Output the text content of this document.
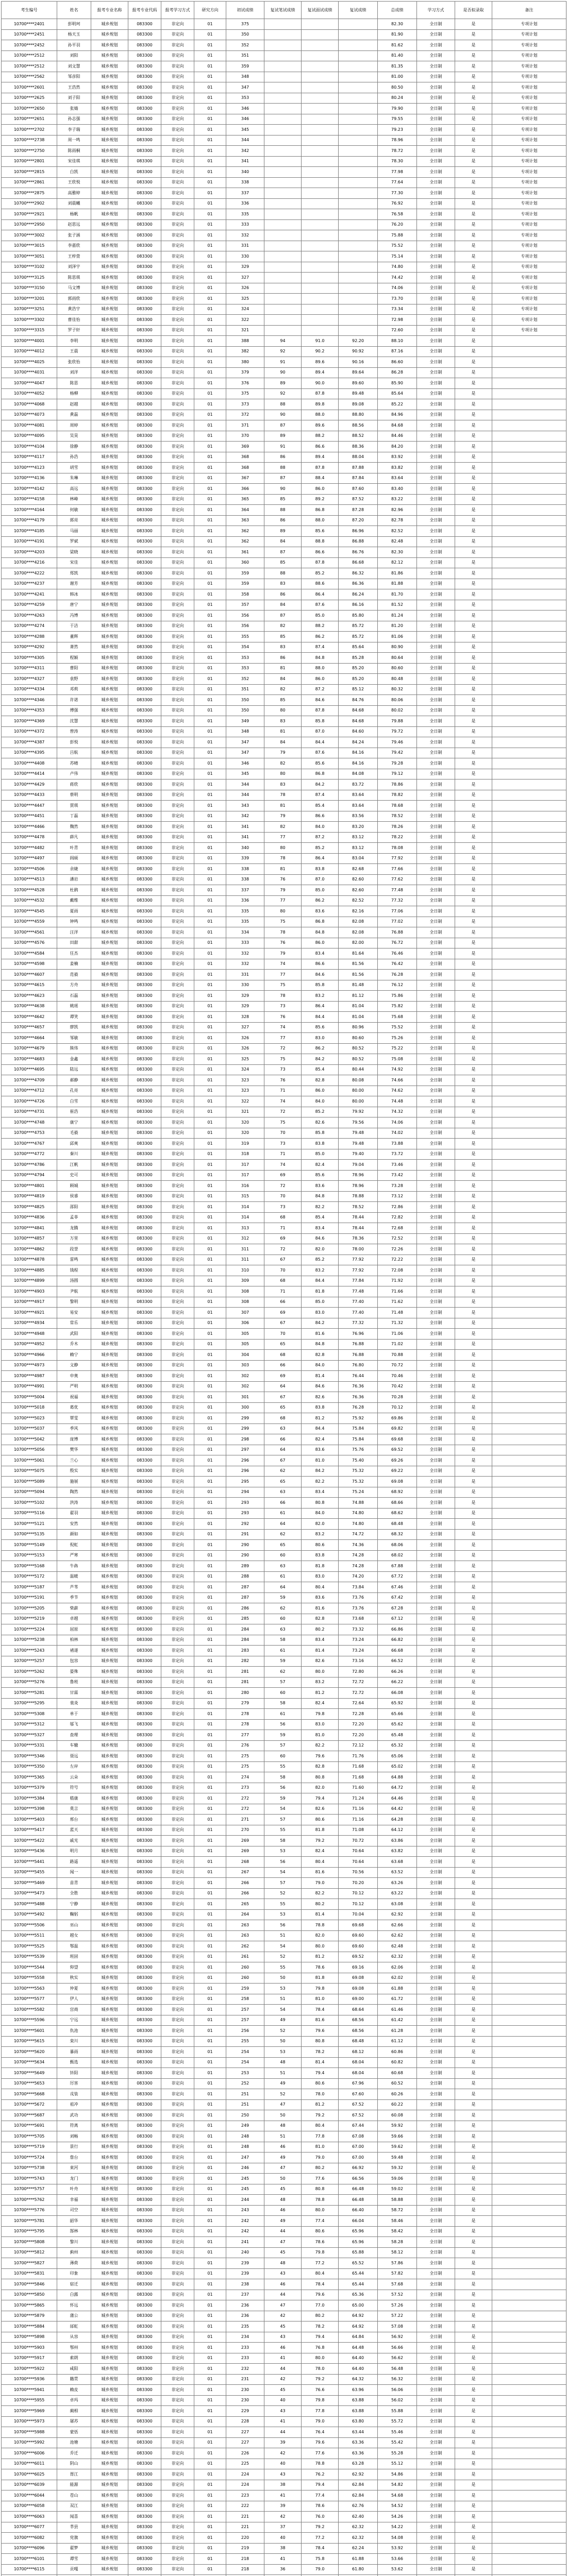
考生编号	姓名	报考专业名称	报考专业代码	报考学习方式	研究方向	初试成绩	复试笔试成绩	复试面试成绩	复试成绩	总成绩	学习方式	是否拟录取	备注
10700****2401	彭明珂	城乡规划	083300	非定向	01	375				82.30	全日制	是	专项计划
10700****2451	杨天玉	城乡规划	083300	非定向	01	350				81.90	全日制	是	专项计划
10700****2452	孙平羽	城乡规划	083300	非定向	01	352				81.62	全日制	是	专项计划
10700****2512	刘阳	城乡规划	083300	非定向	01	351				81.40	全日制	是	专项计划
10700****2512	刘文慧	城乡规划	083300	非定向	01	359				81.35	全日制	是	专项计划
10700****2562	邹彦阳	城乡规划	083300	非定向	01	348				81.00	全日制	是	专项计划
10700****2601	王浩然	城乡规划	083300	非定向	01	347				80.50	全日制	是	专项计划
10700****2625	刘子阳	城乡规划	083300	非定向	01	353				80.24	全日制	是	专项计划
10700****2650	张婧	城乡规划	083300	非定向	01	346				79.90	全日制	是	专项计划
10700****2651	孙志强	城乡规划	083300	非定向	01	346				79.55	全日制	是	专项计划
10700****2702	李子瑞	城乡规划	083300	非定向	01	345				79.23	全日制	是	专项计划
10700****2738	周一鸣	城乡规划	083300	非定向	01	344				78.96	全日制	是	专项计划
10700****2750	陈雨桐	城乡规划	083300	非定向	01	342				78.72	全日制	是	专项计划
10700****2801	宋佳琪	城乡规划	083300	非定向	01	341				78.30	全日制	是	专项计划
10700****2815	白凯	城乡规划	083300	非定向	01	340				77.98	全日制	是	专项计划
10700****2861	王欣悦	城乡规划	083300	非定向	01	338				77.64	全日制	是	专项计划
10700****2875	高雅婷	城乡规划	083300	非定向	01	337				77.30	全日制	是	专项计划
10700****2902	刘晨曦	城乡规划	083300	非定向	01	336				76.92	全日制	是	专项计划
10700****2921	杨帆	城乡规划	083300	非定向	01	335				76.58	全日制	是	专项计划
10700****2950	赵思远	城乡规划	083300	非定向	01	333				76.20	全日制	是	专项计划
10700****3002	张子涵	城乡规划	083300	非定向	01	332				75.88	全日制	是	专项计划
10700****3015	李嘉欣	城乡规划	083300	非定向	01	331				75.52	全日制	是	专项计划
10700****3051	王梓萱	城乡规划	083300	非定向	01	330				75.14	全日制	是	专项计划
10700****3102	刘泽宇	城乡规划	083300	非定向	01	329				74.80	全日制	是	专项计划
10700****3125	陈思琪	城乡规划	083300	非定向	01	327				74.42	全日制	是	专项计划
10700****3150	马文博	城乡规划	083300	非定向	01	326				74.06	全日制	是	专项计划
10700****3201	郭雨欣	城乡规划	083300	非定向	01	325				73.70	全日制	是	专项计划
10700****3251	黄浩宇	城乡规划	083300	非定向	01	324				73.34	全日制	是	专项计划
10700****3302	曹佳怡	城乡规划	083300	非定向	01	322				72.98	全日制	是	专项计划
10700****3315	罗子轩	城乡规划	083300	非定向	01	321				72.60	全日制	是	专项计划
10700****4001	李明	城乡规划	083300	非定向	01	388	94	91.0	92.20	88.10	全日制	是	
10700****4012	王晨	城乡规划	083300	非定向	01	382	92	90.2	90.92	87.16	全日制	是	
10700****4025	张欣怡	城乡规划	083300	非定向	01	380	91	89.6	90.16	86.60	全日制	是	
10700****4031	刘洋	城乡规划	083300	非定向	01	379	90	89.4	89.64	86.28	全日制	是	
10700****4047	陈思	城乡规划	083300	非定向	01	376	89	90.0	89.60	85.90	全日制	是	
10700****4052	杨柳	城乡规划	083300	非定向	01	375	92	87.8	89.48	85.64	全日制	是	
10700****4068	赵越	城乡规划	083300	非定向	01	373	88	89.8	89.08	85.22	全日制	是	
10700****4073	黄磊	城乡规划	083300	非定向	01	372	90	88.0	88.80	84.96	全日制	是	
10700****4081	周婷	城乡规划	083300	非定向	01	371	87	89.6	88.56	84.68	全日制	是	
10700****4095	吴昊	城乡规划	083300	非定向	01	370	89	88.2	88.52	84.46	全日制	是	
10700****4104	徐静	城乡规划	083300	非定向	01	369	91	86.6	88.36	84.20	全日制	是	
10700****4117	孙浩	城乡规划	083300	非定向	01	368	86	89.4	88.04	83.92	全日制	是	
10700****4123	胡雪	城乡规划	083300	非定向	01	368	88	87.8	87.88	83.82	全日制	是	
10700****4136	朱琳	城乡规划	083300	非定向	01	367	87	88.4	87.84	83.64	全日制	是	
10700****4142	高远	城乡规划	083300	非定向	01	366	90	86.0	87.60	83.40	全日制	是	
10700****4158	林峰	城乡规划	083300	非定向	01	365	85	89.2	87.52	83.22	全日制	是	
10700****4164	何敏	城乡规划	083300	非定向	01	364	88	86.8	87.28	82.96	全日制	是	
10700****4179	郭亮	城乡规划	083300	非定向	01	363	86	88.0	87.20	82.78	全日制	是	
10700****4185	马丽	城乡规划	083300	非定向	01	362	89	85.6	86.96	82.52	全日制	是	
10700****4191	罗斌	城乡规划	083300	非定向	01	362	84	88.8	86.88	82.48	全日制	是	
10700****4203	梁晓	城乡规划	083300	非定向	01	361	87	86.6	86.76	82.30	全日制	是	
10700****4216	宋佳	城乡规划	083300	非定向	01	360	85	87.8	86.68	82.12	全日制	是	
10700****4222	郑凯	城乡规划	083300	非定向	01	359	88	85.2	86.32	81.86	全日制	是	
10700****4237	谢芳	城乡规划	083300	非定向	01	359	83	88.6	86.36	81.88	全日制	是	
10700****4241	韩冰	城乡规划	083300	非定向	01	358	86	86.4	86.24	81.70	全日制	是	
10700****4259	唐宁	城乡规划	083300	非定向	01	357	84	87.6	86.16	81.52	全日制	是	
10700****4263	冯博	城乡规划	083300	非定向	01	356	87	85.0	85.80	81.24	全日制	是	
10700****4274	于洁	城乡规划	083300	非定向	01	356	82	88.2	85.72	81.20	全日制	是	
10700****4288	董辉	城乡规划	083300	非定向	01	355	85	86.2	85.72	81.06	全日制	是	
10700****4292	萧然	城乡规划	083300	非定向	01	354	83	87.4	85.64	80.90	全日制	是	
10700****4305	程颖	城乡规划	083300	非定向	01	353	86	84.8	85.28	80.64	全日制	是	
10700****4311	曹阳	城乡规划	083300	非定向	01	353	81	88.0	85.20	80.60	全日制	是	
10700****4327	袁野	城乡规划	083300	非定向	01	352	84	86.0	85.20	80.48	全日制	是	
10700****4334	邓莉	城乡规划	083300	非定向	01	351	82	87.2	85.12	80.32	全日制	是	
10700****4346	许诺	城乡规划	083300	非定向	01	350	85	84.6	84.76	80.06	全日制	是	
10700****4353	傅强	城乡规划	083300	非定向	01	350	80	87.8	84.68	80.02	全日制	是	
10700****4369	沈慧	城乡规划	083300	非定向	01	349	83	85.8	84.68	79.88	全日制	是	
10700****4372	曾涛	城乡规划	083300	非定向	01	348	81	87.0	84.60	79.72	全日制	是	
10700****4387	彭悦	城乡规划	083300	非定向	01	347	84	84.4	84.24	79.46	全日制	是	
10700****4395	吕航	城乡规划	083300	非定向	01	347	79	87.6	84.16	79.42	全日制	是	
10700****4408	苏晴	城乡规划	083300	非定向	01	346	82	85.6	84.16	79.28	全日制	是	
10700****4414	卢伟	城乡规划	083300	非定向	01	345	80	86.8	84.08	79.12	全日制	是	
10700****4429	蒋欣	城乡规划	083300	非定向	01	344	83	84.2	83.72	78.86	全日制	是	
10700****4433	蔡明	城乡规划	083300	非定向	01	344	78	87.4	83.64	78.82	全日制	是	
10700****4447	贾琪	城乡规划	083300	非定向	01	343	81	85.4	83.64	78.68	全日制	是	
10700****4451	丁磊	城乡规划	083300	非定向	01	342	79	86.6	83.56	78.52	全日制	是	
10700****4466	魏然	城乡规划	083300	非定向	01	341	82	84.0	83.20	78.26	全日制	是	
10700****4478	薛凡	城乡规划	083300	非定向	01	341	77	87.2	83.12	78.22	全日制	是	
10700****4482	叶青	城乡规划	083300	非定向	01	340	80	85.2	83.12	78.08	全日制	是	
10700****4497	阎硕	城乡规划	083300	非定向	01	339	78	86.4	83.04	77.92	全日制	是	
10700****4506	余婕	城乡规划	083300	非定向	01	338	81	83.8	82.68	77.66	全日制	是	
10700****4513	潘岩	城乡规划	083300	非定向	01	338	76	87.0	82.60	77.62	全日制	是	
10700****4528	杜鹃	城乡规划	083300	非定向	01	337	79	85.0	82.60	77.48	全日制	是	
10700****4532	戴维	城乡规划	083300	非定向	01	336	77	86.2	82.52	77.32	全日制	是	
10700****4545	夏雨	城乡规划	083300	非定向	01	335	80	83.6	82.16	77.06	全日制	是	
10700****4559	钟鸣	城乡规划	083300	非定向	01	335	75	86.8	82.08	77.02	全日制	是	
10700****4561	汪洋	城乡规划	083300	非定向	01	334	78	84.8	82.08	76.88	全日制	是	
10700****4576	田甜	城乡规划	083300	非定向	01	333	76	86.0	82.00	76.72	全日制	是	
10700****4584	任杰	城乡规划	083300	非定向	01	332	79	83.4	81.64	76.46	全日制	是	
10700****4598	姜楠	城乡规划	083300	非定向	01	332	74	86.6	81.56	76.42	全日制	是	
10700****4607	范毅	城乡规划	083300	非定向	01	331	77	84.6	81.56	76.28	全日制	是	
10700****4615	方舟	城乡规划	083300	非定向	01	330	75	85.8	81.48	76.12	全日制	是	
10700****4623	石磊	城乡规划	083300	非定向	01	329	78	83.2	81.12	75.86	全日制	是	
10700****4638	姚瑶	城乡规划	083300	非定向	01	329	73	86.4	81.04	75.82	全日制	是	
10700****4642	谭笑	城乡规划	083300	非定向	01	328	76	84.4	81.04	75.68	全日制	是	
10700****4657	廖凯	城乡规划	083300	非定向	01	327	74	85.6	80.96	75.52	全日制	是	
10700****4664	邹敏	城乡规划	083300	非定向	01	326	77	83.0	80.60	75.26	全日制	是	
10700****4679	熊伟	城乡规划	083300	非定向	01	326	72	86.2	80.52	75.22	全日制	是	
10700****4683	金鑫	城乡规划	083300	非定向	01	325	75	84.2	80.52	75.08	全日制	是	
10700****4695	陆远	城乡规划	083300	非定向	01	324	73	85.4	80.44	74.92	全日制	是	
10700****4709	郝静	城乡规划	083300	非定向	01	323	76	82.8	80.08	74.66	全日制	是	
10700****4712	孔亮	城乡规划	083300	非定向	01	323	71	86.0	80.00	74.62	全日制	是	
10700****4726	白雪	城乡规划	083300	非定向	01	322	74	84.0	80.00	74.48	全日制	是	
10700****4731	崔浩	城乡规划	083300	非定向	01	321	72	85.2	79.92	74.32	全日制	是	
10700****4748	康宁	城乡规划	083300	非定向	01	320	75	82.6	79.56	74.06	全日制	是	
10700****4753	毛毅	城乡规划	083300	非定向	01	320	70	85.8	79.48	74.02	全日制	是	
10700****4767	邱爽	城乡规划	083300	非定向	01	319	73	83.8	79.48	73.88	全日制	是	
10700****4772	秦川	城乡规划	083300	非定向	01	318	71	85.0	79.40	73.72	全日制	是	
10700****4786	江帆	城乡规划	083300	非定向	01	317	74	82.4	79.04	73.46	全日制	是	
10700****4794	史可	城乡规划	083300	非定向	01	317	69	85.6	78.96	73.42	全日制	是	
10700****4801	顾城	城乡规划	083300	非定向	01	316	72	83.6	78.96	73.28	全日制	是	
10700****4819	侯睿	城乡规划	083300	非定向	01	315	70	84.8	78.88	73.12	全日制	是	
10700****4825	邵阳	城乡规划	083300	非定向	01	314	73	82.2	78.52	72.86	全日制	是	
10700****4836	孟菲	城乡规划	083300	非定向	01	314	68	85.4	78.44	72.82	全日制	是	
10700****4841	龙腾	城乡规划	083300	非定向	01	313	71	83.4	78.44	72.68	全日制	是	
10700****4857	万里	城乡规划	083300	非定向	01	312	69	84.6	78.36	72.52	全日制	是	
10700****4862	段誉	城乡规划	083300	非定向	01	311	72	82.0	78.00	72.26	全日制	是	
10700****4878	雷鸣	城乡规划	083300	非定向	01	311	67	85.2	77.92	72.22	全日制	是	
10700****4885	钱程	城乡规划	083300	非定向	01	310	70	83.2	77.92	72.08	全日制	是	
10700****4899	汤圆	城乡规划	083300	非定向	01	309	68	84.4	77.84	71.92	全日制	是	
10700****4903	尹航	城乡规划	083300	非定向	01	308	71	81.8	77.48	71.66	全日制	是	
10700****4917	黎明	城乡规划	083300	非定向	01	308	66	85.0	77.40	71.62	全日制	是	
10700****4921	易安	城乡规划	083300	非定向	01	307	69	83.0	77.40	71.48	全日制	是	
10700****4934	常乐	城乡规划	083300	非定向	01	306	67	84.2	77.32	71.32	全日制	是	
10700****4948	武阳	城乡规划	083300	非定向	01	305	70	81.6	76.96	71.06	全日制	是	
10700****4952	乔木	城乡规划	083300	非定向	01	305	65	84.8	76.88	71.02	全日制	是	
10700****4966	赖宁	城乡规划	083300	非定向	01	304	68	82.8	76.88	70.88	全日制	是	
10700****4973	文静	城乡规划	083300	非定向	01	303	66	84.0	76.80	70.72	全日制	是	
10700****4987	申奥	城乡规划	083300	非定向	01	302	69	81.4	76.44	70.46	全日制	是	
10700****4991	严明	城乡规划	083300	非定向	01	302	64	84.6	76.36	70.42	全日制	是	
10700****5004	祝福	城乡规划	083300	非定向	01	301	67	82.6	76.36	70.28	全日制	是	
10700****5018	葛优	城乡规划	083300	非定向	01	300	65	83.8	76.28	70.12	全日制	是	
10700****5023	覃雯	城乡规划	083300	非定向	01	299	68	81.2	75.92	69.86	全日制	是	
10700****5037	季风	城乡规划	083300	非定向	01	299	63	84.4	75.84	69.82	全日制	是	
10700****5042	庞博	城乡规划	083300	非定向	01	298	66	82.4	75.84	69.68	全日制	是	
10700****5056	樊华	城乡规划	083300	非定向	01	297	64	83.6	75.76	69.52	全日制	是	
10700****5061	兰心	城乡规划	083300	非定向	01	296	67	81.0	75.40	69.26	全日制	是	
10700****5075	殷实	城乡规划	083300	非定向	01	296	62	84.2	75.32	69.22	全日制	是	
10700****5089	施展	城乡规划	083300	非定向	01	295	65	82.2	75.32	69.08	全日制	是	
10700****5094	陶然	城乡规划	083300	非定向	01	294	63	83.4	75.24	68.92	全日制	是	
10700****5102	洪涛	城乡规划	083300	非定向	01	293	66	80.8	74.88	68.66	全日制	是	
10700****5116	翟羽	城乡规划	083300	非定向	01	293	61	84.0	74.80	68.62	全日制	是	
10700****5121	安然	城乡规划	083300	非定向	01	292	64	82.0	74.80	68.48	全日制	是	
10700****5135	颜如	城乡规划	083300	非定向	01	291	62	83.2	74.72	68.32	全日制	是	
10700****5149	倪虹	城乡规划	083300	非定向	01	290	65	80.6	74.36	68.06	全日制	是	
10700****5153	严寒	城乡规划	083300	非定向	01	290	60	83.8	74.28	68.02	全日制	是	
10700****5168	牛犇	城乡规划	083300	非定向	01	289	63	81.8	74.28	67.88	全日制	是	
10700****5172	温暖	城乡规划	083300	非定向	01	288	61	83.0	74.20	67.72	全日制	是	
10700****5187	芦苇	城乡规划	083300	非定向	01	287	64	80.4	73.84	67.46	全日制	是	
10700****5191	季节	城乡规划	083300	非定向	01	287	59	83.6	73.76	67.42	全日制	是	
10700****5205	柴薪	城乡规划	083300	非定向	01	286	62	81.6	73.76	67.28	全日制	是	
10700****5219	卓越	城乡规划	083300	非定向	01	285	60	82.8	73.68	67.12	全日制	是	
10700****5224	屈原	城乡规划	083300	非定向	01	284	63	80.2	73.32	66.86	全日制	是	
10700****5238	柏林	城乡规划	083300	非定向	01	284	58	83.4	73.24	66.82	全日制	是	
10700****5243	褚遂	城乡规划	083300	非定向	01	283	61	81.4	73.24	66.68	全日制	是	
10700****5257	包容	城乡规划	083300	非定向	01	282	59	82.6	73.16	66.52	全日制	是	
10700****5262	晏殊	城乡规划	083300	非定向	01	281	62	80.0	72.80	66.26	全日制	是	
10700****5276	鲁班	城乡规划	083300	非定向	01	281	57	83.2	72.72	66.22	全日制	是	
10700****5281	甘霖	城乡规划	083300	非定向	01	280	60	81.2	72.72	66.08	全日制	是	
10700****5295	裴炎	城乡规划	083300	非定向	01	279	58	82.4	72.64	65.92	全日制	是	
10700****5308	单于	城乡规划	083300	非定向	01	278	61	79.8	72.28	65.66	全日制	是	
10700****5312	邬飞	城乡规划	083300	非定向	01	278	56	83.0	72.20	65.62	全日制	是	
10700****5327	查理	城乡规划	083300	非定向	01	277	59	81.0	72.20	65.48	全日制	是	
10700****5331	车辙	城乡规划	083300	非定向	01	276	57	82.2	72.12	65.32	全日制	是	
10700****5346	聂远	城乡规划	083300	非定向	01	275	60	79.6	71.76	65.06	全日制	是	
10700****5350	左岸	城乡规划	083300	非定向	01	275	55	82.8	71.68	65.02	全日制	是	
10700****5365	云朵	城乡规划	083300	非定向	01	274	58	80.8	71.68	64.88	全日制	是	
10700****5379	符号	城乡规划	083300	非定向	01	273	56	82.0	71.60	64.72	全日制	是	
10700****5384	嵇康	城乡规划	083300	非定向	01	272	59	79.4	71.24	64.46	全日制	是	
10700****5398	莫言	城乡规划	083300	非定向	01	272	54	82.6	71.16	64.42	全日制	是	
10700****5403	邢台	城乡规划	083300	非定向	01	271	57	80.6	71.16	64.28	全日制	是	
10700****5417	蓝天	城乡规划	083300	非定向	01	270	55	81.8	71.08	64.12	全日制	是	
10700****5422	戚光	城乡规划	083300	非定向	01	269	58	79.2	70.72	63.86	全日制	是	
10700****5436	明月	城乡规划	083300	非定向	01	269	53	82.4	70.64	63.82	全日制	是	
10700****5441	路遥	城乡规划	083300	非定向	01	268	56	80.4	70.64	63.68	全日制	是	
10700****5455	闻一	城乡规划	083300	非定向	01	267	54	81.6	70.56	63.52	全日制	是	
10700****5469	苗青	城乡规划	083300	非定向	01	266	57	79.0	70.20	63.26	全日制	是	
10700****5473	全胜	城乡规划	083300	非定向	01	266	52	82.2	70.12	63.22	全日制	是	
10700****5488	宁静	城乡规划	083300	非定向	01	265	55	80.2	70.12	63.08	全日制	是	
10700****5492	鞠躬	城乡规划	083300	非定向	01	264	53	81.4	70.04	62.92	全日制	是	
10700****5506	巫山	城乡规划	083300	非定向	01	263	56	78.8	69.68	62.66	全日制	是	
10700****5511	越女	城乡规划	083300	非定向	01	263	51	82.0	69.60	62.62	全日制	是	
10700****5525	鄂温	城乡规划	083300	非定向	01	262	54	80.0	69.60	62.48	全日制	是	
10700****5539	班固	城乡规划	083300	非定向	01	261	52	81.2	69.52	62.32	全日制	是	
10700****5544	仰望	城乡规划	083300	非定向	01	260	55	78.6	69.16	62.06	全日制	是	
10700****5558	秋实	城乡规划	083300	非定向	01	260	50	81.8	69.08	62.02	全日制	是	
10700****5563	仲夏	城乡规划	083300	非定向	01	259	53	79.8	69.08	61.88	全日制	是	
10700****5577	伊人	城乡规划	083300	非定向	01	258	51	81.0	69.00	61.72	全日制	是	
10700****5582	宫商	城乡规划	083300	非定向	01	257	54	78.4	68.64	61.46	全日制	是	
10700****5596	宁远	城乡规划	083300	非定向	01	257	49	81.6	68.56	61.42	全日制	是	
10700****5601	仇池	城乡规划	083300	非定向	01	256	52	79.6	68.56	61.28	全日制	是	
10700****5615	栾川	城乡规划	083300	非定向	01	255	50	80.8	68.48	61.12	全日制	是	
10700****5620	暴雨	城乡规划	083300	非定向	01	254	53	78.2	68.12	60.86	全日制	是	
10700****5634	甄选	城乡规划	083300	非定向	01	254	48	81.4	68.04	60.82	全日制	是	
10700****5649	钭阳	城乡规划	083300	非定向	01	253	51	79.4	68.04	60.68	全日制	是	
10700****5653	厉害	城乡规划	083300	非定向	01	252	49	80.6	67.96	60.52	全日制	是	
10700****5668	戎装	城乡规划	083300	非定向	01	251	52	78.0	67.60	60.26	全日制	是	
10700****5672	祖冲	城乡规划	083300	非定向	01	251	47	81.2	67.52	60.22	全日制	是	
10700****5687	武功	城乡规划	083300	非定向	01	250	50	79.2	67.52	60.08	全日制	是	
10700****5691	符离	城乡规划	083300	非定向	01	249	48	80.4	67.44	59.92	全日制	是	
10700****5705	刘畅	城乡规划	083300	非定向	01	248	51	77.8	67.08	59.66	全日制	是	
10700****5719	景行	城乡规划	083300	非定向	01	248	46	81.0	67.00	59.62	全日制	是	
10700****5724	詹台	城乡规划	083300	非定向	01	247	49	79.0	67.00	59.48	全日制	是	
10700****5738	束河	城乡规划	083300	非定向	01	246	47	80.2	66.92	59.32	全日制	是	
10700****5743	龙门	城乡规划	083300	非定向	01	245	50	77.6	66.56	59.06	全日制	是	
10700****5757	叶舟	城乡规划	083300	非定向	01	245	45	80.8	66.48	59.02	全日制	是	
10700****5762	幸福	城乡规划	083300	非定向	01	244	48	78.8	66.48	58.88	全日制	是	
10700****5776	司空	城乡规划	083300	非定向	01	243	46	80.0	66.40	58.72	全日制	是	
10700****5781	韶华	城乡规划	083300	非定向	01	242	49	77.4	66.04	58.46	全日制	是	
10700****5795	郜林	城乡规划	083300	非定向	01	242	44	80.6	65.96	58.42	全日制	是	
10700****5808	黎川	城乡规划	083300	非定向	01	241	47	78.6	65.96	58.28	全日制	是	
10700****5812	蓟州	城乡规划	083300	非定向	01	240	45	79.8	65.88	58.12	全日制	是	
10700****5827	薄荷	城乡规划	083300	非定向	01	239	48	77.2	65.52	57.86	全日制	是	
10700****5831	印象	城乡规划	083300	非定向	01	239	43	80.4	65.44	57.82	全日制	是	
10700****5846	宿迁	城乡规划	083300	非定向	01	238	46	78.4	65.44	57.68	全日制	是	
10700****5850	白露	城乡规划	083300	非定向	01	237	44	79.6	65.36	57.52	全日制	是	
10700****5865	怀远	城乡规划	083300	非定向	01	236	47	77.0	65.00	57.26	全日制	是	
10700****5879	蒲公	城乡规划	083300	非定向	01	236	42	80.2	64.92	57.22	全日制	是	
10700****5884	邰虹	城乡规划	083300	非定向	01	235	45	78.2	64.92	57.08	全日制	是	
10700****5898	从容	城乡规划	083300	非定向	01	234	43	79.4	64.84	56.92	全日制	是	
10700****5903	鄂州	城乡规划	083300	非定向	01	233	46	76.8	64.48	56.66	全日制	是	
10700****5917	索朗	城乡规划	083300	非定向	01	233	41	80.0	64.40	56.62	全日制	是	
10700****5922	咸阳	城乡规划	083300	非定向	01	232	44	78.0	64.40	56.48	全日制	是	
10700****5936	籍贯	城乡规划	083300	非定向	01	231	42	79.2	64.32	56.32	全日制	是	
10700****5941	赖皮	城乡规划	083300	非定向	01	230	45	76.6	63.96	56.06	全日制	是	
10700****5955	卓玛	城乡规划	083300	非定向	01	230	40	79.8	63.88	56.02	全日制	是	
10700****5969	蔺相	城乡规划	083300	非定向	01	229	43	77.8	63.88	55.88	全日制	是	
10700****5973	屠苏	城乡规划	083300	非定向	01	228	41	79.0	63.80	55.72	全日制	是	
10700****5988	蒙恬	城乡规划	083300	非定向	01	227	44	76.4	63.44	55.46	全日制	是	
10700****5992	池塘	城乡规划	083300	非定向	01	227	39	79.6	63.36	55.42	全日制	是	
10700****6006	乔迁	城乡规划	083300	非定向	01	226	42	77.6	63.36	55.28	全日制	是	
10700****6011	阴山	城乡规划	083300	非定向	01	225	40	78.8	63.28	55.12	全日制	是	
10700****6025	胥江	城乡规划	083300	非定向	01	224	43	76.2	62.92	54.86	全日制	是	
10700****6039	能源	城乡规划	083300	非定向	01	224	38	79.4	62.84	54.82	全日制	是	
10700****6044	苍山	城乡规划	083300	非定向	01	223	41	77.4	62.84	54.68	全日制	是	
10700****6058	双江	城乡规划	083300	非定向	01	222	39	78.6	62.76	54.52	全日制	是	
10700****6063	闻喜	城乡规划	083300	非定向	01	221	42	76.0	62.40	54.26	全日制	是	
10700****6077	莘县	城乡规划	083300	非定向	01	221	37	79.2	62.32	54.22	全日制	是	
10700****6082	党旗	城乡规划	083300	非定向	01	220	40	77.2	62.32	54.08	全日制	是	
10700****6096	翟梦	城乡规划	083300	非定向	01	219	38	78.4	62.24	53.92	全日制	是	
10700****6101	谭雪	城乡规划	083300	非定向	01	218	41	75.8	61.88	53.66	全日制	是	
10700****6115	贡嘎	城乡规划	083300	非定向	01	218	36	79.0	61.80	53.62	全日制	是	
